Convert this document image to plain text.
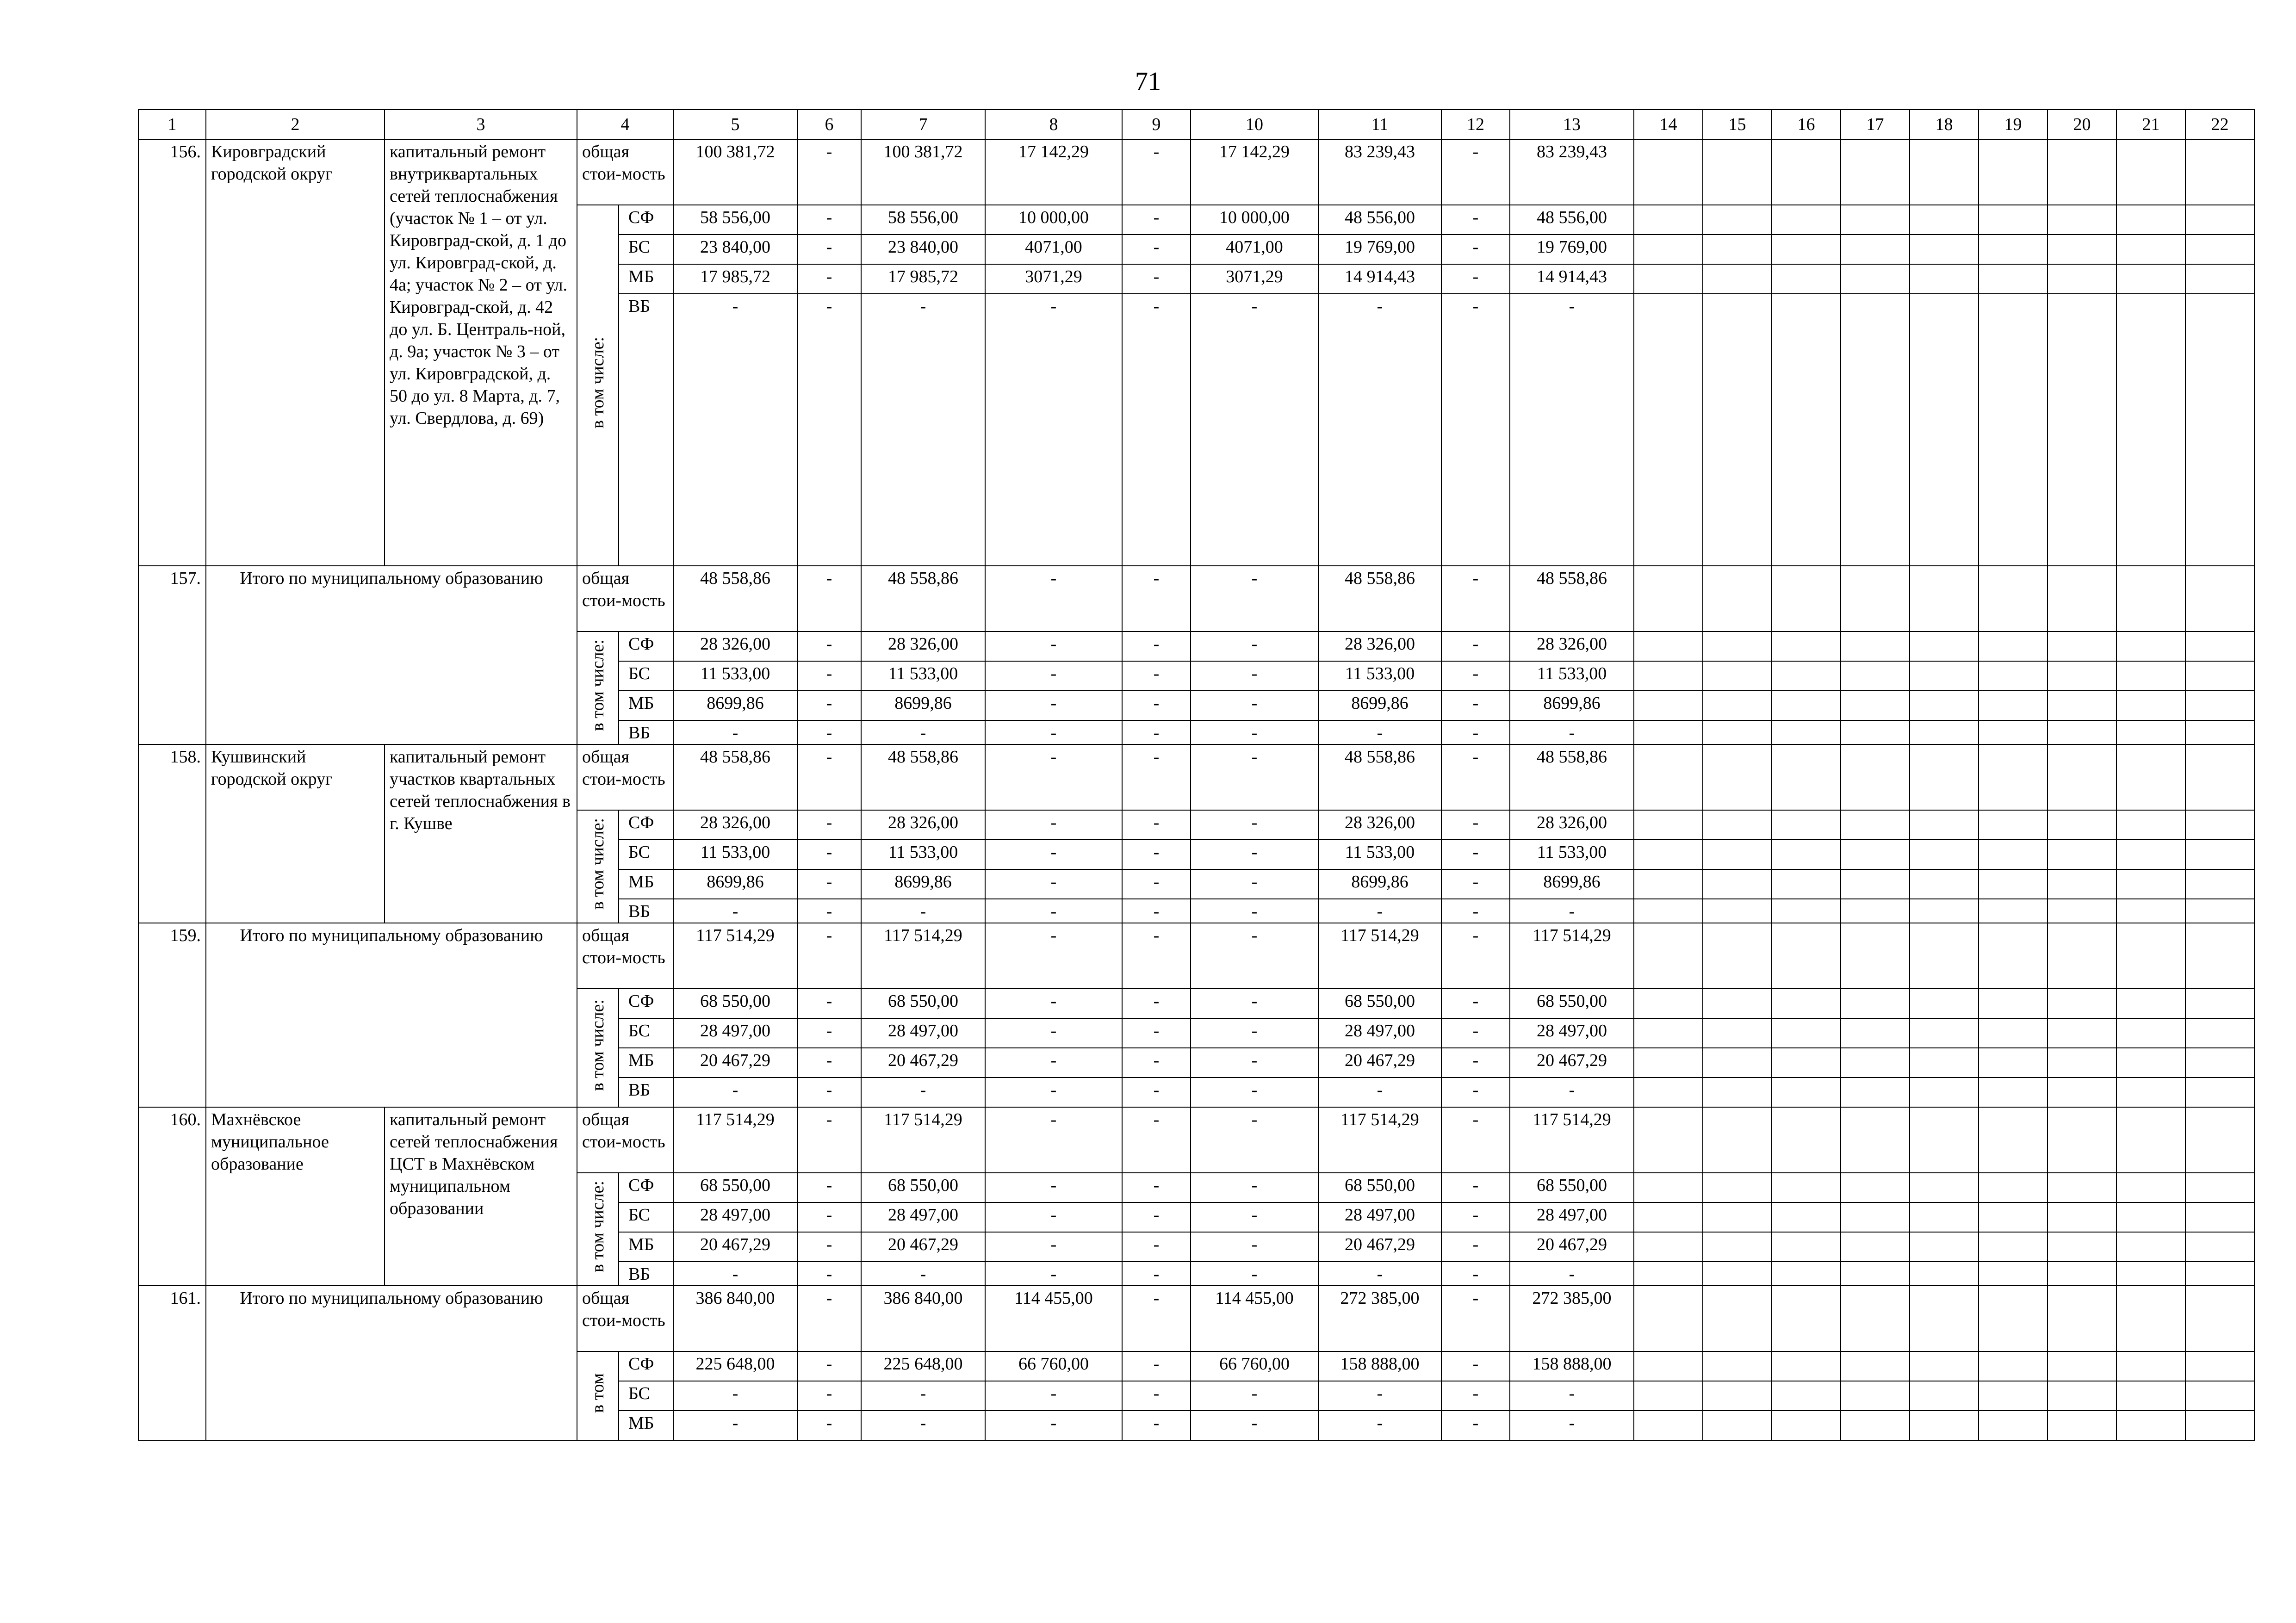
71
1	2	3	4		5	6	7	8	9	10	11	12	13	14	15	16	17	18	19	20	21	22
156.	Кировградский городской округ	капитальный ремонт внутриквартальных сетей теплоснабжения (участок № 1 – от ул. Кировград-ской, д. 1 до ул. Кировград-ской, д. 4а; участок № 2 – от ул. Кировград-ской, д. 42 до ул. Б. Централь-ной, д. 9а; участок № 3 – от ул. Кировградской, д. 50 до ул. 8 Марта, д. 7, ул. Свердлова, д. 69)	общая стои-мость		100 381,72	-	100 381,72	17 142,29	-	17 142,29	83 239,43	-	83 239,43									
			в том числе:	СФ	58 556,00	-	58 556,00	10 000,00	-	10 000,00	48 556,00	-	48 556,00									
				БС	23 840,00	-	23 840,00	4071,00	-	4071,00	19 769,00	-	19 769,00									
				МБ	17 985,72	-	17 985,72	3071,29	-	3071,29	14 914,43	-	14 914,43									
				ВБ	-	-	-	-	-	-	-	-	-									
157.	Итого по муниципальному образованию		общая стои-мость		48 558,86	-	48 558,86	-	-	-	48 558,86	-	48 558,86									
			в том числе:	СФ	28 326,00	-	28 326,00	-	-	-	28 326,00	-	28 326,00									
				БС	11 533,00	-	11 533,00	-	-	-	11 533,00	-	11 533,00									
				МБ	8699,86	-	8699,86	-	-	-	8699,86	-	8699,86									
				ВБ	-	-	-	-	-	-	-	-	-									
158.	Кушвинский городской округ	капитальный ремонт участков квартальных сетей теплоснабжения в г. Кушве	общая стои-мость		48 558,86	-	48 558,86	-	-	-	48 558,86	-	48 558,86									
			в том числе:	СФ	28 326,00	-	28 326,00	-	-	-	28 326,00	-	28 326,00									
				БС	11 533,00	-	11 533,00	-	-	-	11 533,00	-	11 533,00									
				МБ	8699,86	-	8699,86	-	-	-	8699,86	-	8699,86									
				ВБ	-	-	-	-	-	-	-	-	-									
159.	Итого по муниципальному образованию		общая стои-мость		117 514,29	-	117 514,29	-	-	-	117 514,29	-	117 514,29									
			в том числе:	СФ	68 550,00	-	68 550,00	-	-	-	68 550,00	-	68 550,00									
				БС	28 497,00	-	28 497,00	-	-	-	28 497,00	-	28 497,00									
				МБ	20 467,29	-	20 467,29	-	-	-	20 467,29	-	20 467,29									
				ВБ	-	-	-	-	-	-	-	-	-									
160.	Махнёвское муниципальное образование	капитальный ремонт сетей теплоснабжения ЦСТ в Махнёвском муниципальном образовании	общая стои-мость		117 514,29	-	117 514,29	-	-	-	117 514,29	-	117 514,29									
			в том числе:	СФ	68 550,00	-	68 550,00	-	-	-	68 550,00	-	68 550,00									
				БС	28 497,00	-	28 497,00	-	-	-	28 497,00	-	28 497,00									
				МБ	20 467,29	-	20 467,29	-	-	-	20 467,29	-	20 467,29									
				ВБ	-	-	-	-	-	-	-	-	-									
161.	Итого по муниципальному образованию		общая стои-мость		386 840,00	-	386 840,00	114 455,00	-	114 455,00	272 385,00	-	272 385,00									
			в том	СФ	225 648,00	-	225 648,00	66 760,00	-	66 760,00	158 888,00	-	158 888,00									
				БС	-	-	-	-	-	-	-	-	-									
				МБ	-	-	-	-	-	-	-	-	-									
